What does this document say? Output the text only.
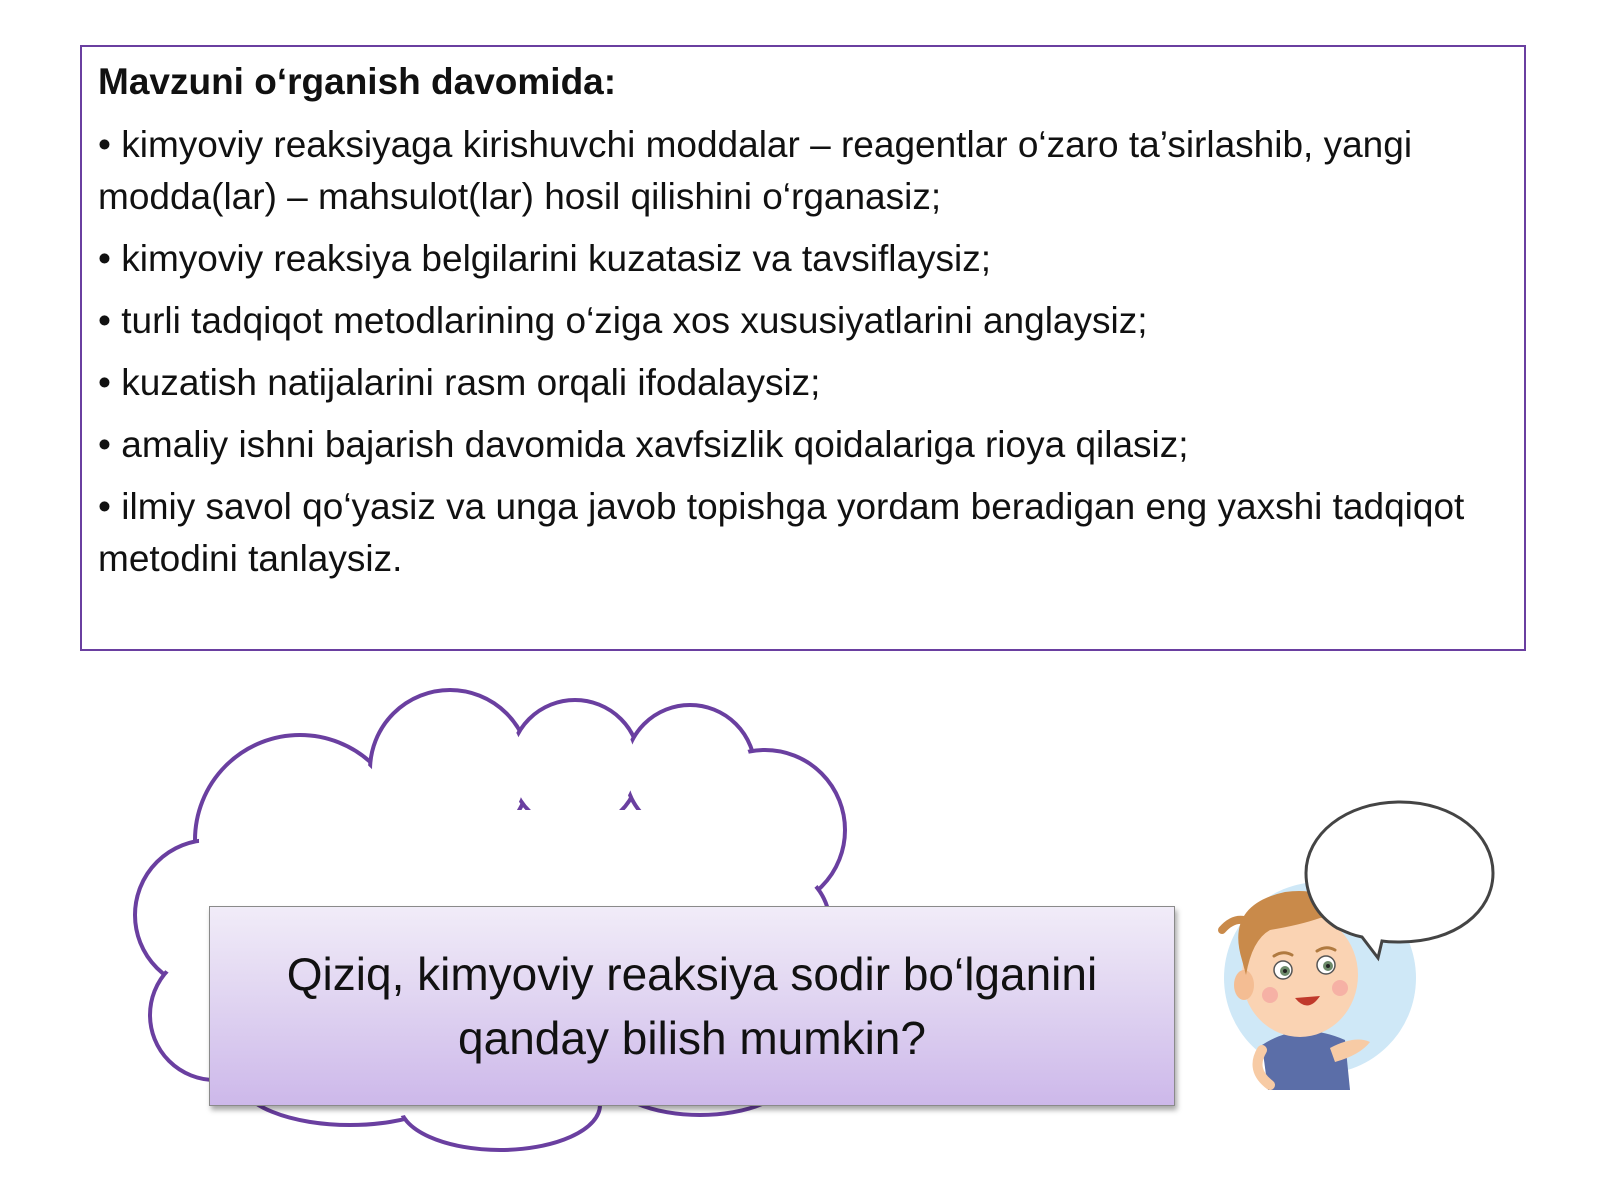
Mavzuni o‘rganish davomida:
• kimyoviy reaksiyaga kirishuvchi moddalar – reagentlar o‘zaro ta’sirlashib, yangi modda(lar) – mahsulot(lar) hosil qilishini o‘rganasiz;
• kimyoviy reaksiya belgilarini kuzatasiz va tavsiflaysiz;
• turli tadqiqot metodlarining o‘ziga xos xususiyatlarini anglaysiz;
• kuzatish natijalarini rasm orqali ifodalaysiz;
• amaliy ishni bajarish davomida xavfsizlik qoidalariga rioya qilasiz;
• ilmiy savol qo‘yasiz va unga javob topishga yordam beradigan eng yaxshi tadqiqot metodini tanlaysiz.
Qiziq, kimyoviy reaksiya sodir bo‘lganini qanday bilish mumkin?
